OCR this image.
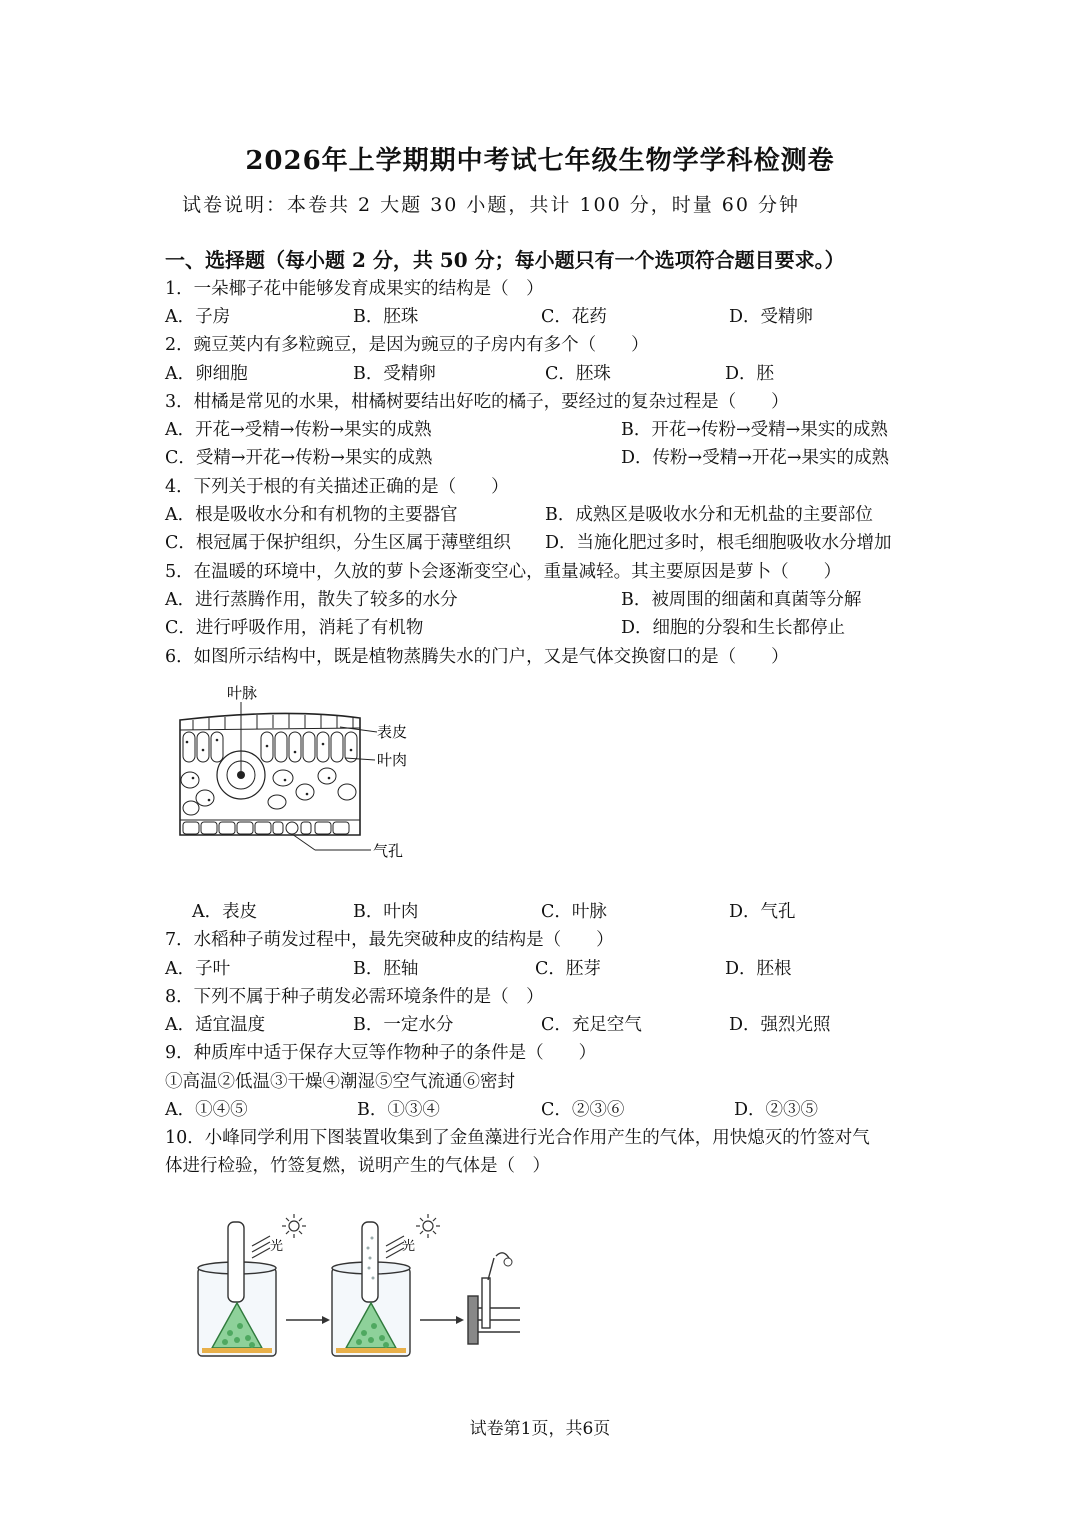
2026年上学期期中考试七年级生物学学科检测卷
试卷说明：本卷共 2 大题 30 小题，共计 100 分，时量 60 分钟
一、选择题（每小题 2 分，共 50 分；每小题只有一个选项符合题目要求。）
1．一朵椰子花中能够发育成果实的结构是（　）
A．子房	B．胚珠	C．花药	D．受精卵
2．豌豆荚内有多粒豌豆，是因为豌豆的子房内有多个（　　）
A．卵细胞	B．受精卵	C．胚珠	D．胚
3．柑橘是常见的水果，柑橘树要结出好吃的橘子，要经过的复杂过程是（　　）
A．开花→受精→传粉→果实的成熟	B．开花→传粉→受精→果实的成熟
C．受精→开花→传粉→果实的成熟	D．传粉→受精→开花→果实的成熟
4．下列关于根的有关描述正确的是（　　）
A．根是吸收水分和有机物的主要器官	B．成熟区是吸收水分和无机盐的主要部位
C．根冠属于保护组织，分生区属于薄壁组织 D．当施化肥过多时，根毛细胞吸收水分增加
5．在温暖的环境中，久放的萝卜会逐渐变空心，重量减轻。其主要原因是萝卜（　　）
A．进行蒸腾作用，散失了较多的水分	B．被周围的细菌和真菌等分解
C．进行呼吸作用，消耗了有机物	D．细胞的分裂和生长都停止
6．如图所示结构中，既是植物蒸腾失水的门户，又是气体交换窗口的是（　　）
叶脉
表皮
叶肉
气孔
A．表皮	B．叶肉	C．叶脉	D．气孔
7．水稻种子萌发过程中，最先突破种皮的结构是（　　）
A．子叶	B．胚轴	C．胚芽	D．胚根
8．下列不属于种子萌发必需环境条件的是（　）
A．适宜温度	B．一定水分	C．充足空气	D．强烈光照
9．种质库中适于保存大豆等作物种子的条件是（　　）
①高温②低温③干燥④潮湿⑤空气流通⑥密封
A．①④⑤	B．①③④	C．②③⑥	D．②③⑤
10．小峰同学利用下图装置收集到了金鱼藻进行光合作用产生的气体，用快熄灭的竹签对气
体进行检验，竹签复燃，说明产生的气体是（　）
光	光
试卷第1页，共6页
